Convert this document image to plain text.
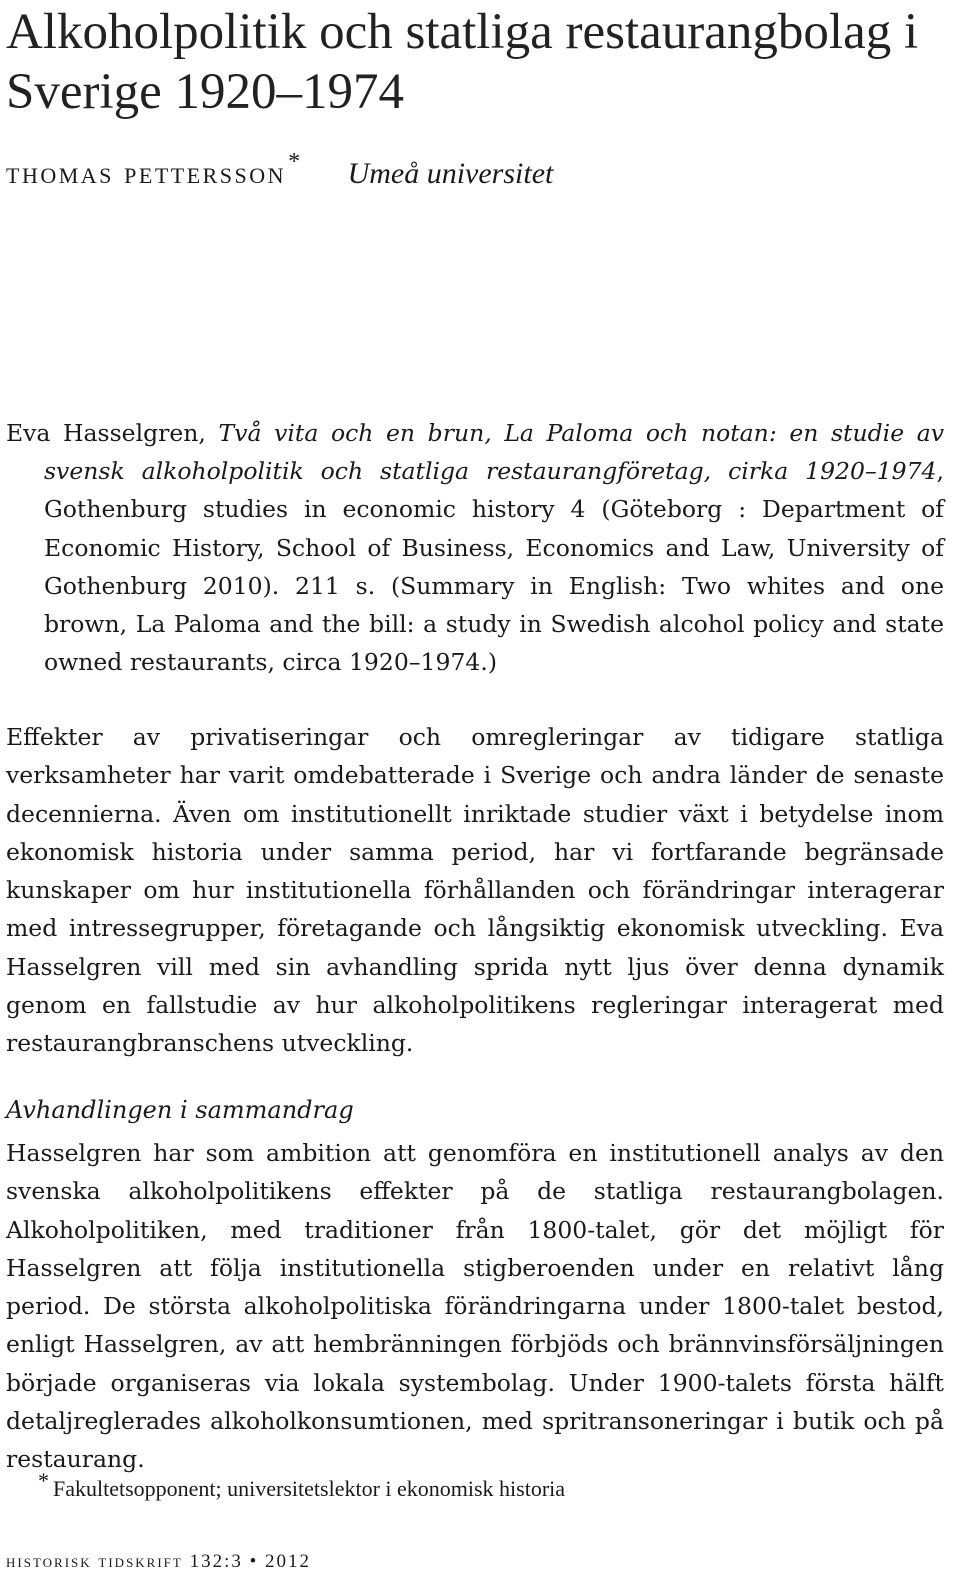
Alkoholpolitik och statliga restaurangbolag i Sverige 1920–1974
thomas pettersson* Umeå universitet

Eva Hasselgren, Två vita och en brun, La Paloma och notan: en studie av svensk alkoholpolitik och statliga restaurangföretag, cirka 1920–1974, Gothenburg studies in economic history 4 (Göteborg : Department of Economic History, School of Business, Economics and Law, University of Gothenburg 2010). 211 s. (Summary in English: Two whites and one brown, La Paloma and the bill: a study in Swedish alcohol policy and state owned restaurants, circa 1920–1974.)

Effekter av privatiseringar och omregleringar av tidigare statliga verksamheter har varit omdebatterade i Sverige och andra länder de senaste decennierna. Även om institutionellt inriktade studier växt i betydelse inom ekonomisk historia under samma period, har vi fortfarande begränsade kunskaper om hur institutionella förhållanden och förändringar interagerar med intressegrupper, företagande och långsiktig ekonomisk utveckling. Eva Hasselgren vill med sin avhandling sprida nytt ljus över denna dynamik genom en fallstudie av hur alkoholpolitikens regleringar interagerat med restaurangbranschens utveckling.

Avhandlingen i sammandrag

Hasselgren har som ambition att genomföra en institutionell analys av den svenska alkoholpolitikens effekter på de statliga restaurangbolagen. Alkoholpolitiken, med traditioner från 1800-talet, gör det möjligt för Hasselgren att följa institutionella stigberoenden under en relativt lång period. De största alkoholpolitiska förändringarna under 1800-talet bestod, enligt Hasselgren, av att hembränningen förbjöds och brännvinsförsäljningen började organiseras via lokala systembolag. Under 1900-talets första hälft detaljreglerades alkoholkonsumtionen, med spritransoneringar i butik och på restaurang.

* Fakultetsopponent; universitetslektor i ekonomisk historia
historisk tidskrift 132:3 • 2012
